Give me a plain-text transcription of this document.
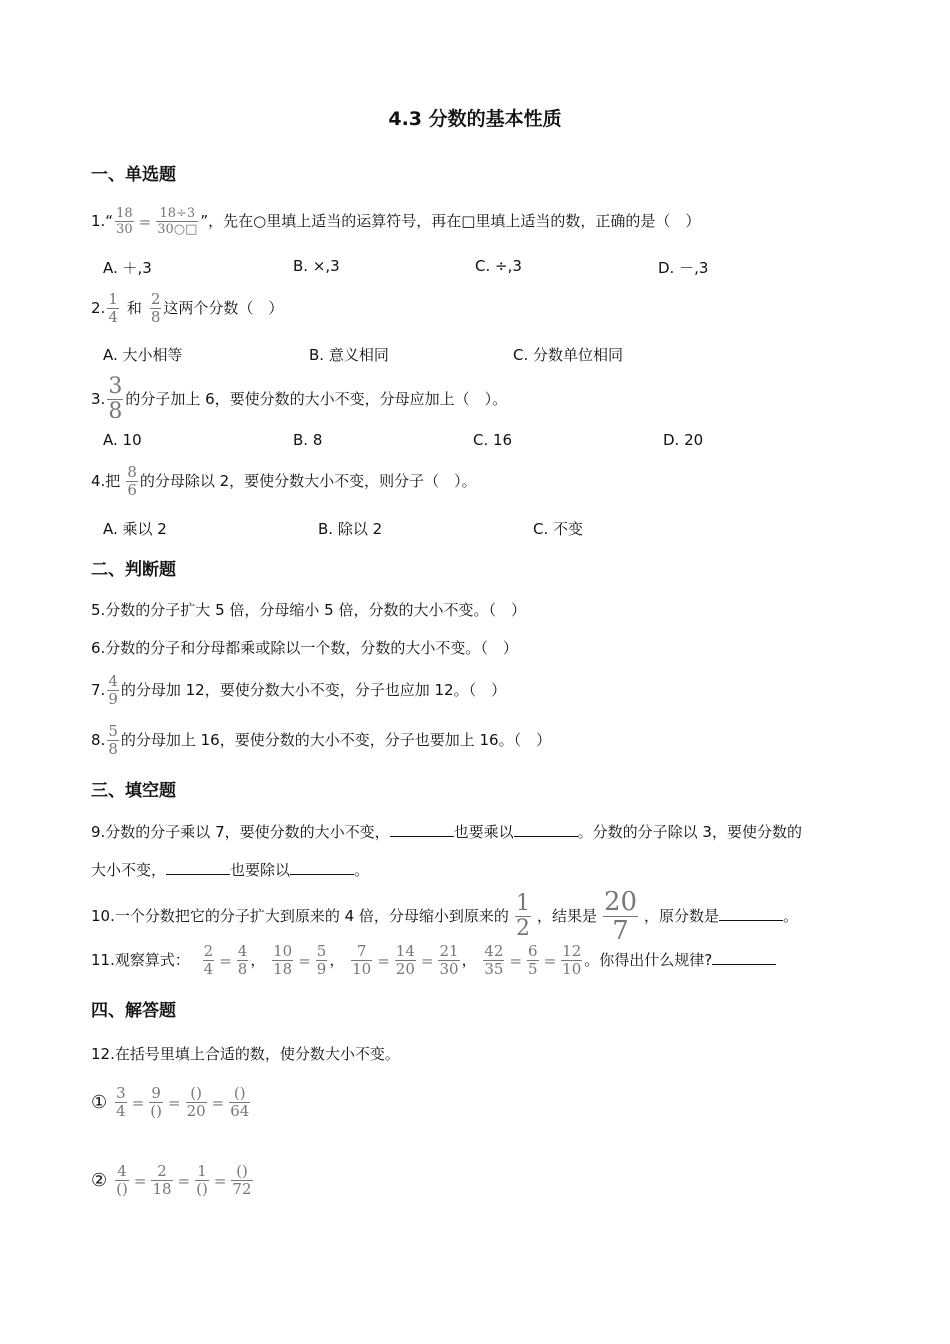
4.3 分数的基本性质
一、单选题
1.“ $\frac{18}{30} = \frac{18\div 3}{30○□}$ ”，先在○里填上适当的运算符号，再在□里填上适当的数，正确的是（　）
A. ＋,3	B. ×,3	C. ÷,3	D. －,3
2. $\frac{1}{4}$ 和 $\frac{2}{8}$ 这两个分数（　）
A. 大小相等	B. 意义相同	C. 分数单位相同
3. $\frac{3}{8}$ 的分子加上 6，要使分数的大小不变，分母应加上（　）。
A. 10	B. 8	C. 16	D. 20
4.把 $\frac{8}{6}$ 的分母除以 2，要使分数大小不变，则分子（　）。
A. 乘以 2	B. 除以 2	C. 不变
二、判断题
5.分数的分子扩大 5 倍，分母缩小 5 倍，分数的大小不变。（　）
6.分数的分子和分母都乘或除以一个数，分数的大小不变。（　）
7. $\frac{4}{9}$ 的分母加 12，要使分数大小不变，分子也应加 12。（　）
8. $\frac{5}{8}$ 的分母加上 16，要使分数的大小不变，分子也要加上 16。（　）
三、填空题
9.分数的分子乘以 7，要使分数的大小不变，	也要乘以	。分数的分子除以 3，要使分数的
大小不变，	也要除以	。
10.一个分数把它的分子扩大到原来的 4 倍，分母缩小到原来的 $\frac{1}{2}$ ，结果是 $\frac{20}{7}$ ，原分数是	。
11.观察算式： $\frac{2}{4} = \frac{4}{8}$ ， $\frac{10}{18} = \frac{5}{9}$ ， $\frac{7}{10} = \frac{14}{20} = \frac{21}{30}$ ， $\frac{42}{35} = \frac{6}{5} = \frac{12}{10}$ 。你得出什么规律?
四、解答题
12.在括号里填上合适的数，使分数大小不变。
① $\frac{3}{4} = \frac{9}{()} = \frac{()}{20} = \frac{()}{64}$
② $\frac{4}{()} = \frac{2}{18} = \frac{1}{()} = \frac{()}{72}$
